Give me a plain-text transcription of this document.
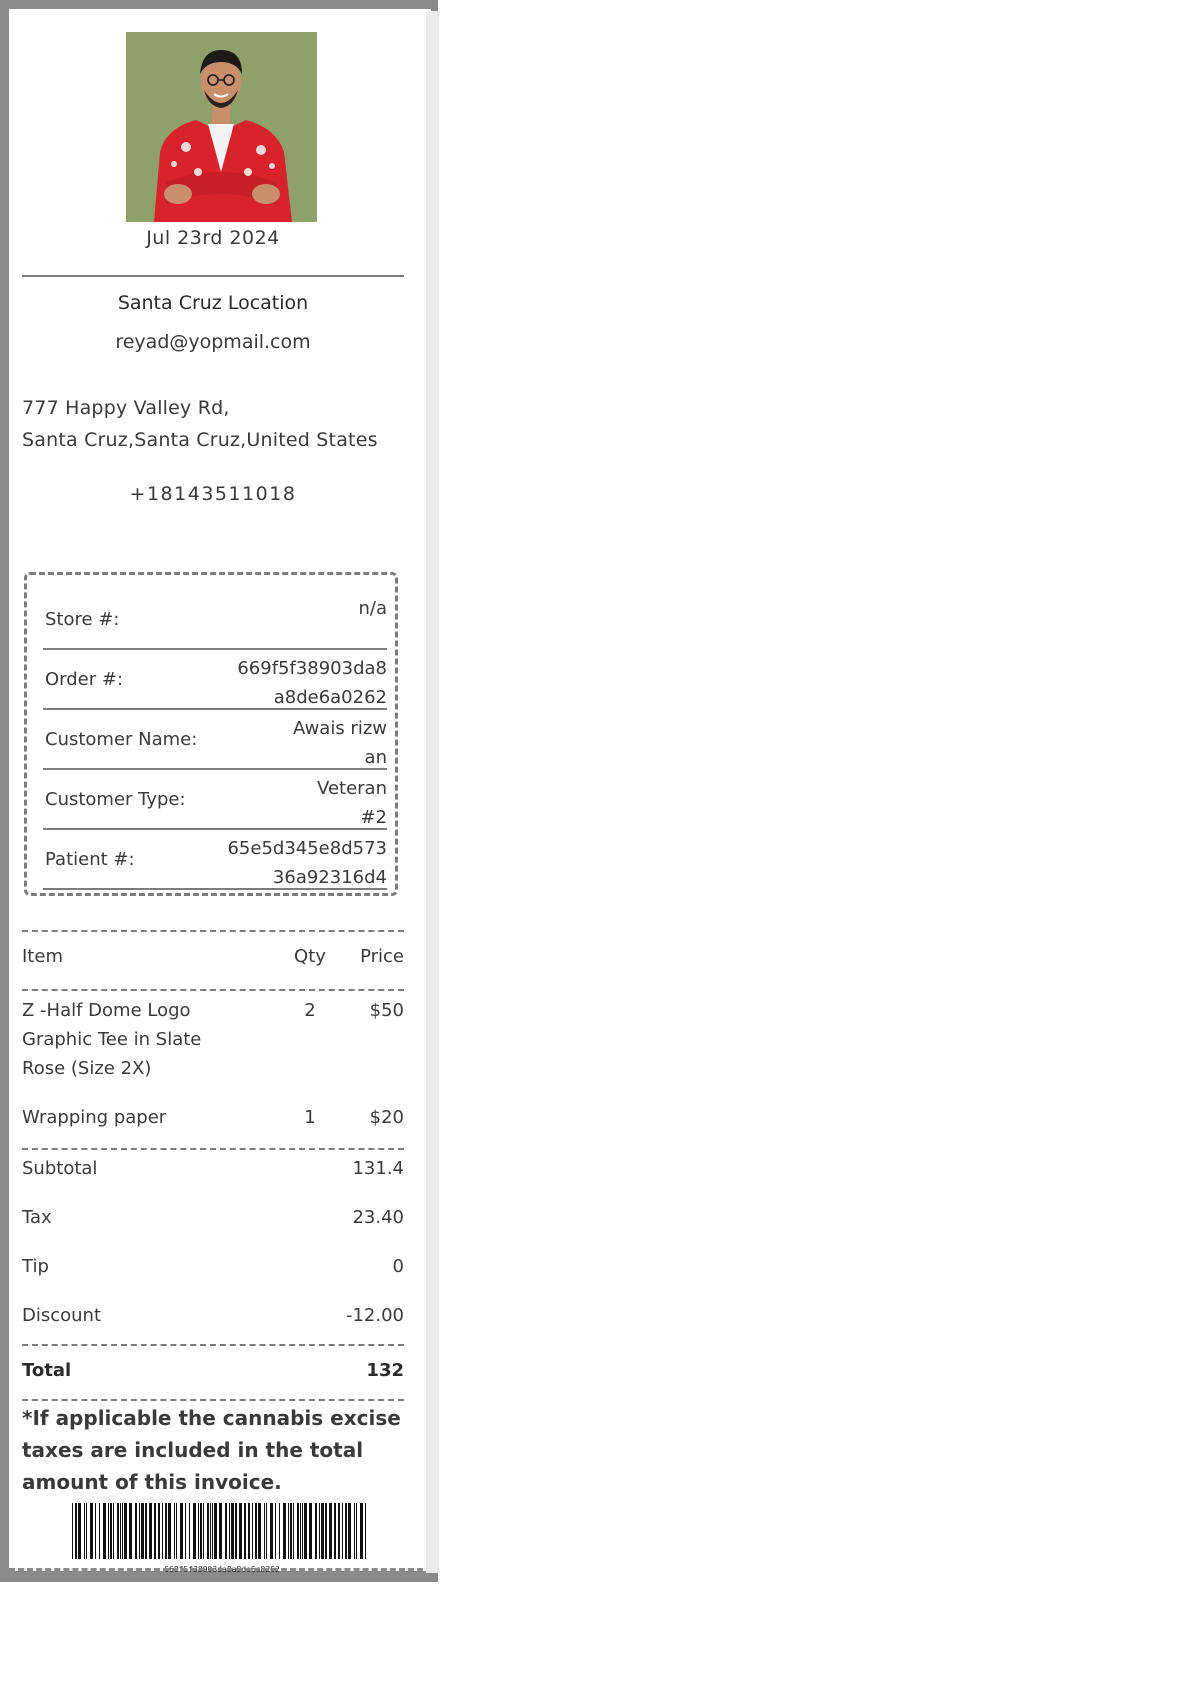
Jul 23rd 2024
Santa Cruz Location
reyad@yopmail.com
777 Happy Valley Rd,
Santa Cruz,Santa Cruz,United States
+18143511018
Store #:
n/a
Order #:
669f5f38903da8a8de6a0262
Customer Name:
Awais rizwan
Customer Type:
Veteran #2
Patient #:
65e5d345e8d57336a92316d4
Item	Qty Price
Z -Half Dome Logo Graphic Tee in Slate Rose (Size 2X)
2	$50
Wrapping paper	1	$20
Subtotal	131.4
Tax	23.40
Tip	0
Discount	-12.00
Total	132
*If applicable the cannabis excise taxes are included in the total amount of this invoice.
669f5f38903da8a8de6a8262
